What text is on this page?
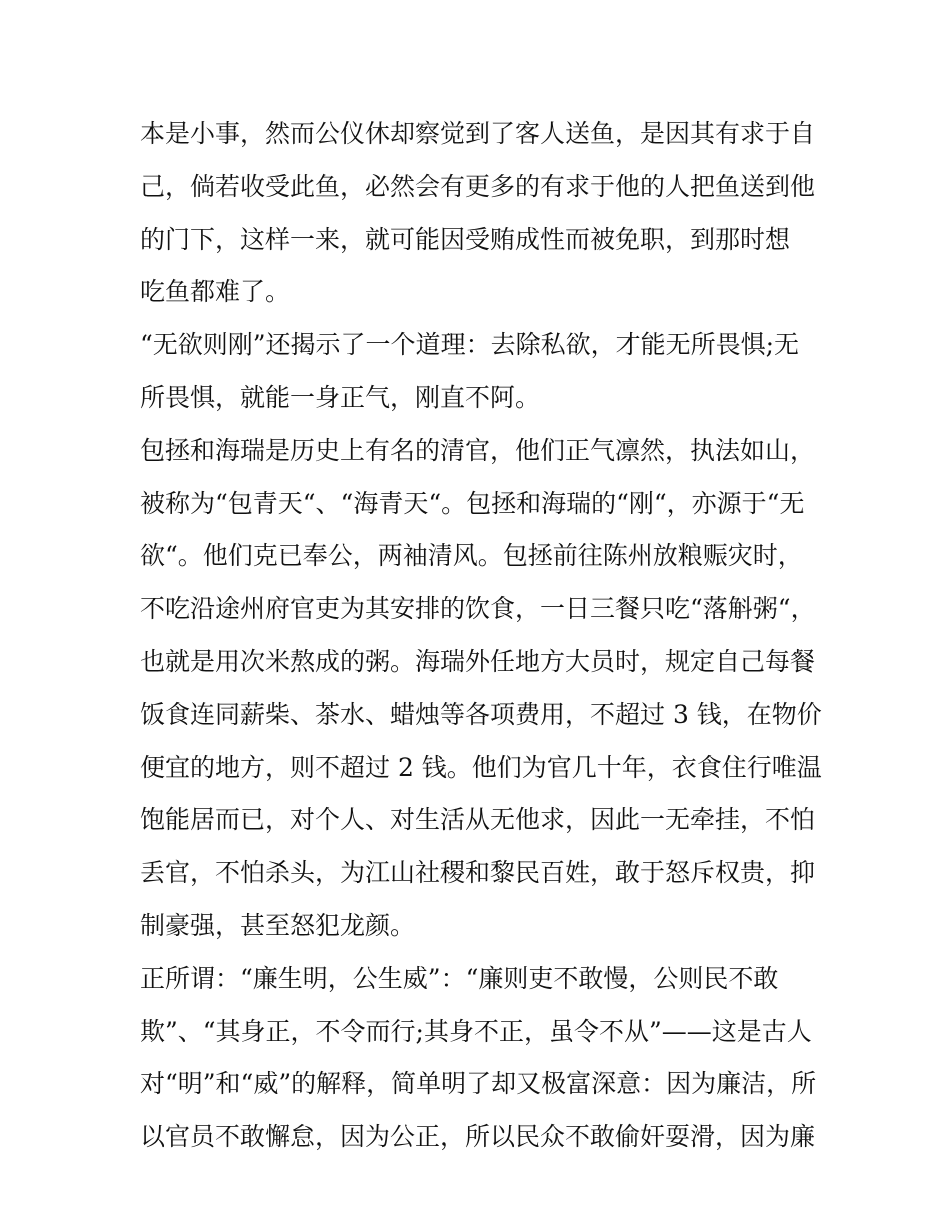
本是小事，然而公仪休却察觉到了客人送鱼，是因其有求于自
己，倘若收受此鱼，必然会有更多的有求于他的人把鱼送到他
的门下，这样一来，就可能因受贿成性而被免职，到那时想
吃鱼都难了。
“无欲则刚”还揭示了一个道理：去除私欲，才能无所畏惧;无
所畏惧，就能一身正气，刚直不阿。
包拯和海瑞是历史上有名的清官，他们正气凛然，执法如山，
被称为“包青天“、“海青天“。包拯和海瑞的“刚“，亦源于“无
欲“。他们克已奉公，两袖清风。包拯前往陈州放粮赈灾时，
不吃沿途州府官吏为其安排的饮食，一日三餐只吃“落斛粥“，
也就是用次米熬成的粥。海瑞外任地方大员时，规定自己每餐
饭食连同薪柴、茶水、蜡烛等各项费用，不超过 3 钱，在物价
便宜的地方，则不超过 2 钱。他们为官几十年，衣食住行唯温
饱能居而已，对个人、对生活从无他求，因此一无牵挂，不怕
丢官，不怕杀头，为江山社稷和黎民百姓，敢于怒斥权贵，抑
制豪强，甚至怒犯龙颜。
正所谓：“廉生明，公生威”：“廉则吏不敢慢，公则民不敢
欺”、“其身正，不令而行;其身不正，虽令不从”——这是古人
对“明”和“威”的解释，简单明了却又极富深意：因为廉洁，所
以官员不敢懈怠，因为公正，所以民众不敢偷奸耍滑，因为廉
